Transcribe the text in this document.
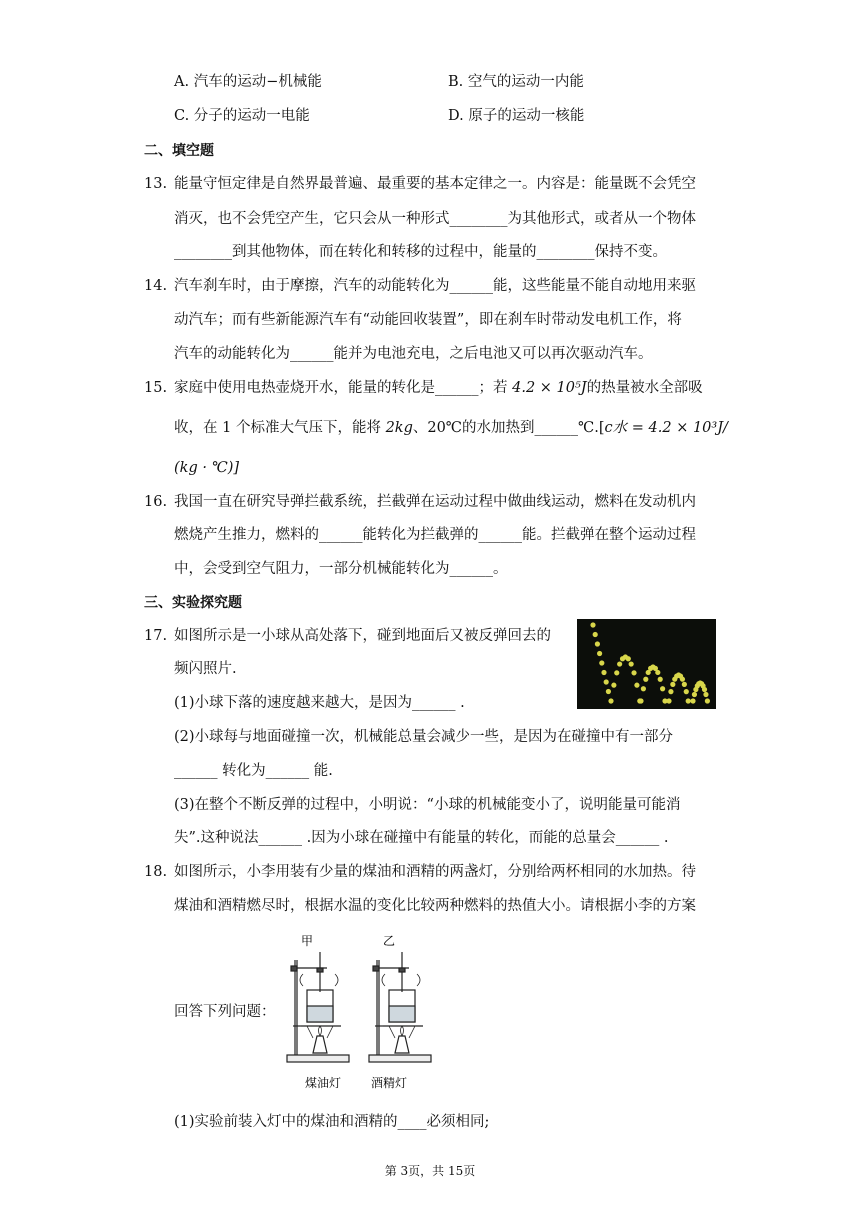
A. 汽车的运动−机械能	B. 空气的运动一内能
C. 分子的运动一电能	D. 原子的运动一核能
二、填空题
13. 能量守恒定律是自然界最普遍、最重要的基本定律之一。内容是：能量既不会凭空
消灭，也不会凭空产生，它只会从一种形式________为其他形式，或者从一个物体
________到其他物体，而在转化和转移的过程中，能量的________保持不变。
14. 汽车刹车时，由于摩擦，汽车的动能转化为______能，这些能量不能自动地用来驱
动汽车；而有些新能源汽车有“动能回收装置”，即在刹车时带动发电机工作，将
汽车的动能转化为______能并为电池充电，之后电池又可以再次驱动汽车。
15. 家庭中使用电热壶烧开水，能量的转化是______；若 4.2 × 10⁵J的热量被水全部吸
收，在 1 个标准大气压下，能将 2kg、20℃的水加热到______℃.[c水 = 4.2 × 10³J/
(kg · ℃)]
16. 我国一直在研究导弹拦截系统，拦截弹在运动过程中做曲线运动，燃料在发动机内
燃烧产生推力，燃料的______能转化为拦截弹的______能。拦截弹在整个运动过程
中，会受到空气阻力，一部分机械能转化为______。
三、实验探究题
17. 如图所示是一小球从高处落下，碰到地面后又被反弹回去的
频闪照片.
(1)小球下落的速度越来越大，是因为______ .
(2)小球每与地面碰撞一次，机械能总量会减少一些，是因为在碰撞中有一部分
______ 转化为______ 能.
(3)在整个不断反弹的过程中，小明说：“小球的机械能变小了，说明能量可能消
失”.这种说法______ .因为小球在碰撞中有能量的转化，而能的总量会______ .
18. 如图所示，小李用装有少量的煤油和酒精的两盏灯，分别给两杯相同的水加热。待
煤油和酒精燃尽时，根据水温的变化比较两种燃料的热值大小。请根据小李的方案
回答下列问题：
甲	乙
煤油灯 酒精灯
(1)实验前装入灯中的煤油和酒精的____必须相同;
第 3页，共 15页
